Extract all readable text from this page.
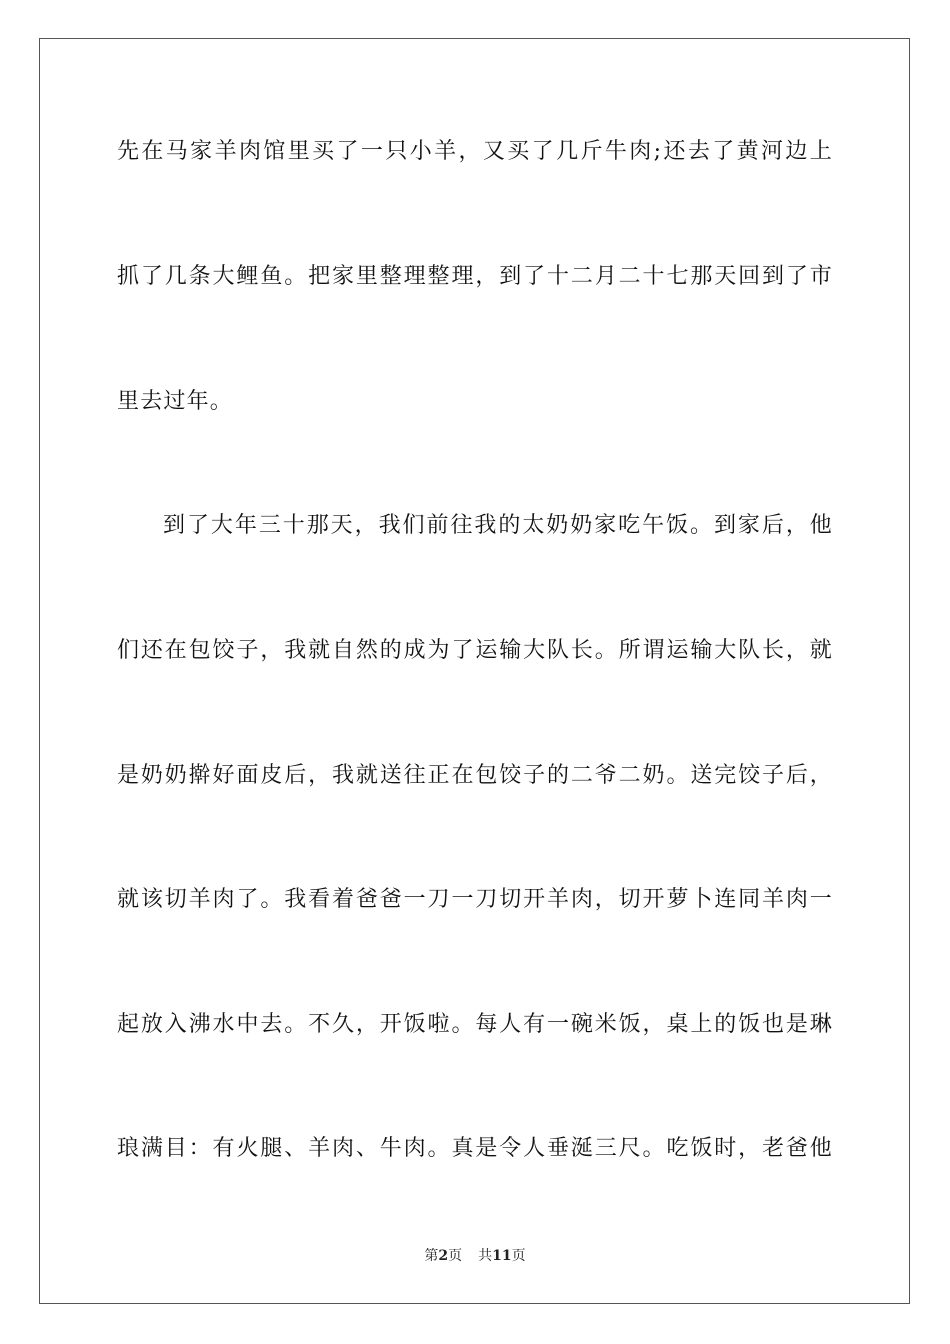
先在马家羊肉馆里买了一只小羊，又买了几斤牛肉;还去了黄河边上
抓了几条大鲤鱼。把家里整理整理，到了十二月二十七那天回到了市
里去过年。
到了大年三十那天，我们前往我的太奶奶家吃午饭。到家后，他
们还在包饺子，我就自然的成为了运输大队长。所谓运输大队长，就
是奶奶擀好面皮后，我就送往正在包饺子的二爷二奶。送完饺子后，
就该切羊肉了。我看着爸爸一刀一刀切开羊肉，切开萝卜连同羊肉一
起放入沸水中去。不久，开饭啦。每人有一碗米饭，桌上的饭也是琳
琅满目：有火腿、羊肉、牛肉。真是令人垂涎三尺。吃饭时，老爸他
第2页 共11页
